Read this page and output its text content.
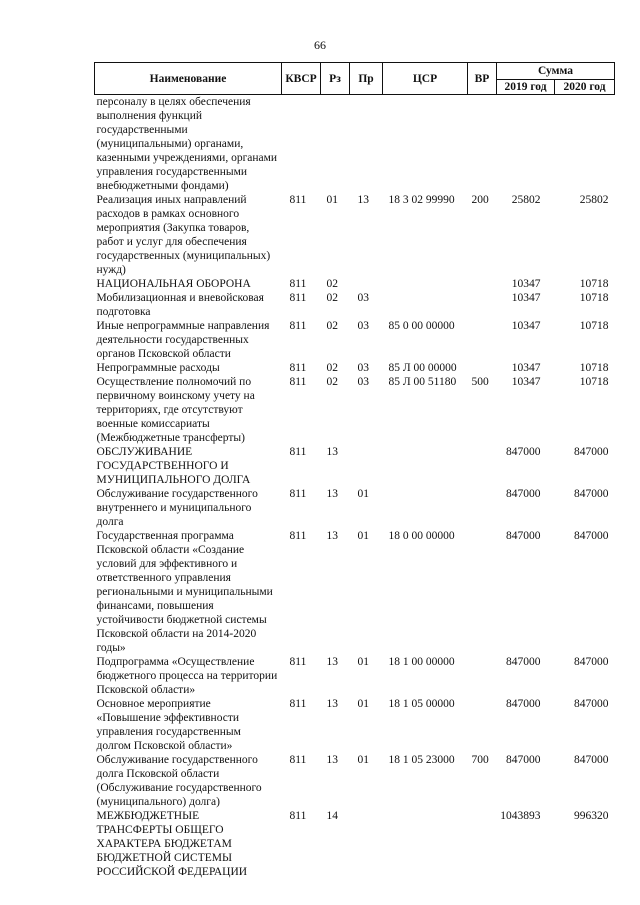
66
Наименование	КВСР	Рз	Пр	ЦСР	ВР	Сумма	
						2019 год	2020 год
персоналу в целях обеспечения выполнения функций государственными (муниципальными) органами, казенными учреждениями, органами управления государственными внебюджетными фондами)							
Реализация иных направлений расходов в рамках основного мероприятия (Закупка товаров, работ и услуг для обеспечения государственных (муниципальных) нужд)	811	01	13	18 3 02 99990	200	25802	25802
НАЦИОНАЛЬНАЯ ОБОРОНА	811	02				10347	10718
Мобилизационная и вневойсковая подготовка	811	02	03			10347	10718
Иные непрограммные направления деятельности государственных органов Псковской области	811	02	03	85 0 00 00000		10347	10718
Непрограммные расходы	811	02	03	85 Л 00 00000		10347	10718
Осуществление полномочий по первичному воинскому учету на территориях, где отсутствуют военные комиссариаты (Межбюджетные трансферты)	811	02	03	85 Л 00 51180	500	10347	10718
ОБСЛУЖИВАНИЕ ГОСУДАРСТВЕННОГО И МУНИЦИПАЛЬНОГО ДОЛГА	811	13				847000	847000
Обслуживание государственного внутреннего и муниципального долга	811	13	01			847000	847000
Государственная программа Псковской области «Создание условий для эффективного и ответственного управления региональными и муниципальными финансами, повышения устойчивости бюджетной системы Псковской области на 2014-2020 годы»	811	13	01	18 0 00 00000		847000	847000
Подпрограмма «Осуществление бюджетного процесса на территории Псковской области»	811	13	01	18 1 00 00000		847000	847000
Основное мероприятие «Повышение эффективности управления государственным долгом Псковской области»	811	13	01	18 1 05 00000		847000	847000
Обслуживание государственного долга Псковской области (Обслуживание государственного (муниципального) долга)	811	13	01	18 1 05 23000	700	847000	847000
МЕЖБЮДЖЕТНЫЕ ТРАНСФЕРТЫ ОБЩЕГО ХАРАКТЕРА БЮДЖЕТАМ БЮДЖЕТНОЙ СИСТЕМЫ РОССИЙСКОЙ ФЕДЕРАЦИИ	811	14				1043893	996320
